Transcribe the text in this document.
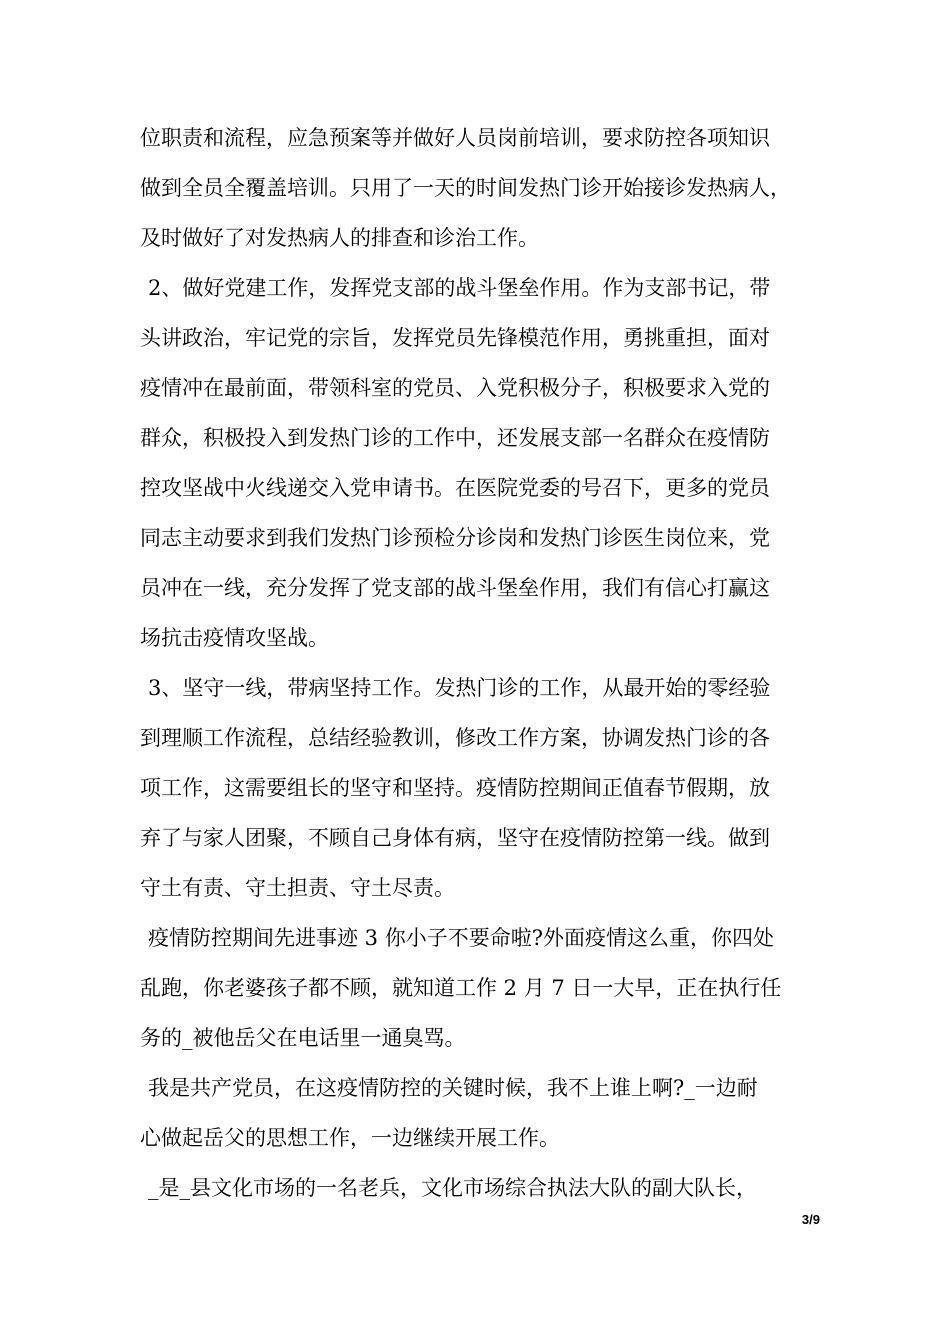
位职责和流程，应急预案等并做好人员岗前培训，要求防控各项知识
做到全员全覆盖培训。只用了一天的时间发热门诊开始接诊发热病人，
及时做好了对发热病人的排查和诊治工作。
2、做好党建工作，发挥党支部的战斗堡垒作用。作为支部书记，带
头讲政治，牢记党的宗旨，发挥党员先锋模范作用，勇挑重担，面对
疫情冲在最前面，带领科室的党员、入党积极分子，积极要求入党的
群众，积极投入到发热门诊的工作中，还发展支部一名群众在疫情防
控攻坚战中火线递交入党申请书。在医院党委的号召下，更多的党员
同志主动要求到我们发热门诊预检分诊岗和发热门诊医生岗位来，党
员冲在一线，充分发挥了党支部的战斗堡垒作用，我们有信心打赢这
场抗击疫情攻坚战。
3、坚守一线，带病坚持工作。发热门诊的工作，从最开始的零经验
到理顺工作流程，总结经验教训，修改工作方案，协调发热门诊的各
项工作，这需要组长的坚守和坚持。疫情防控期间正值春节假期，放
弃了与家人团聚，不顾自己身体有病，坚守在疫情防控第一线。做到
守土有责、守土担责、守土尽责。
疫情防控期间先进事迹 3 你小子不要命啦?外面疫情这么重，你四处
乱跑，你老婆孩子都不顾，就知道工作 2 月 7 日一大早，正在执行任
务的_被他岳父在电话里一通臭骂。
我是共产党员，在这疫情防控的关键时候，我不上谁上啊?_一边耐
心做起岳父的思想工作，一边继续开展工作。
_是_县文化市场的一名老兵，文化市场综合执法大队的副大队长，
3/9
